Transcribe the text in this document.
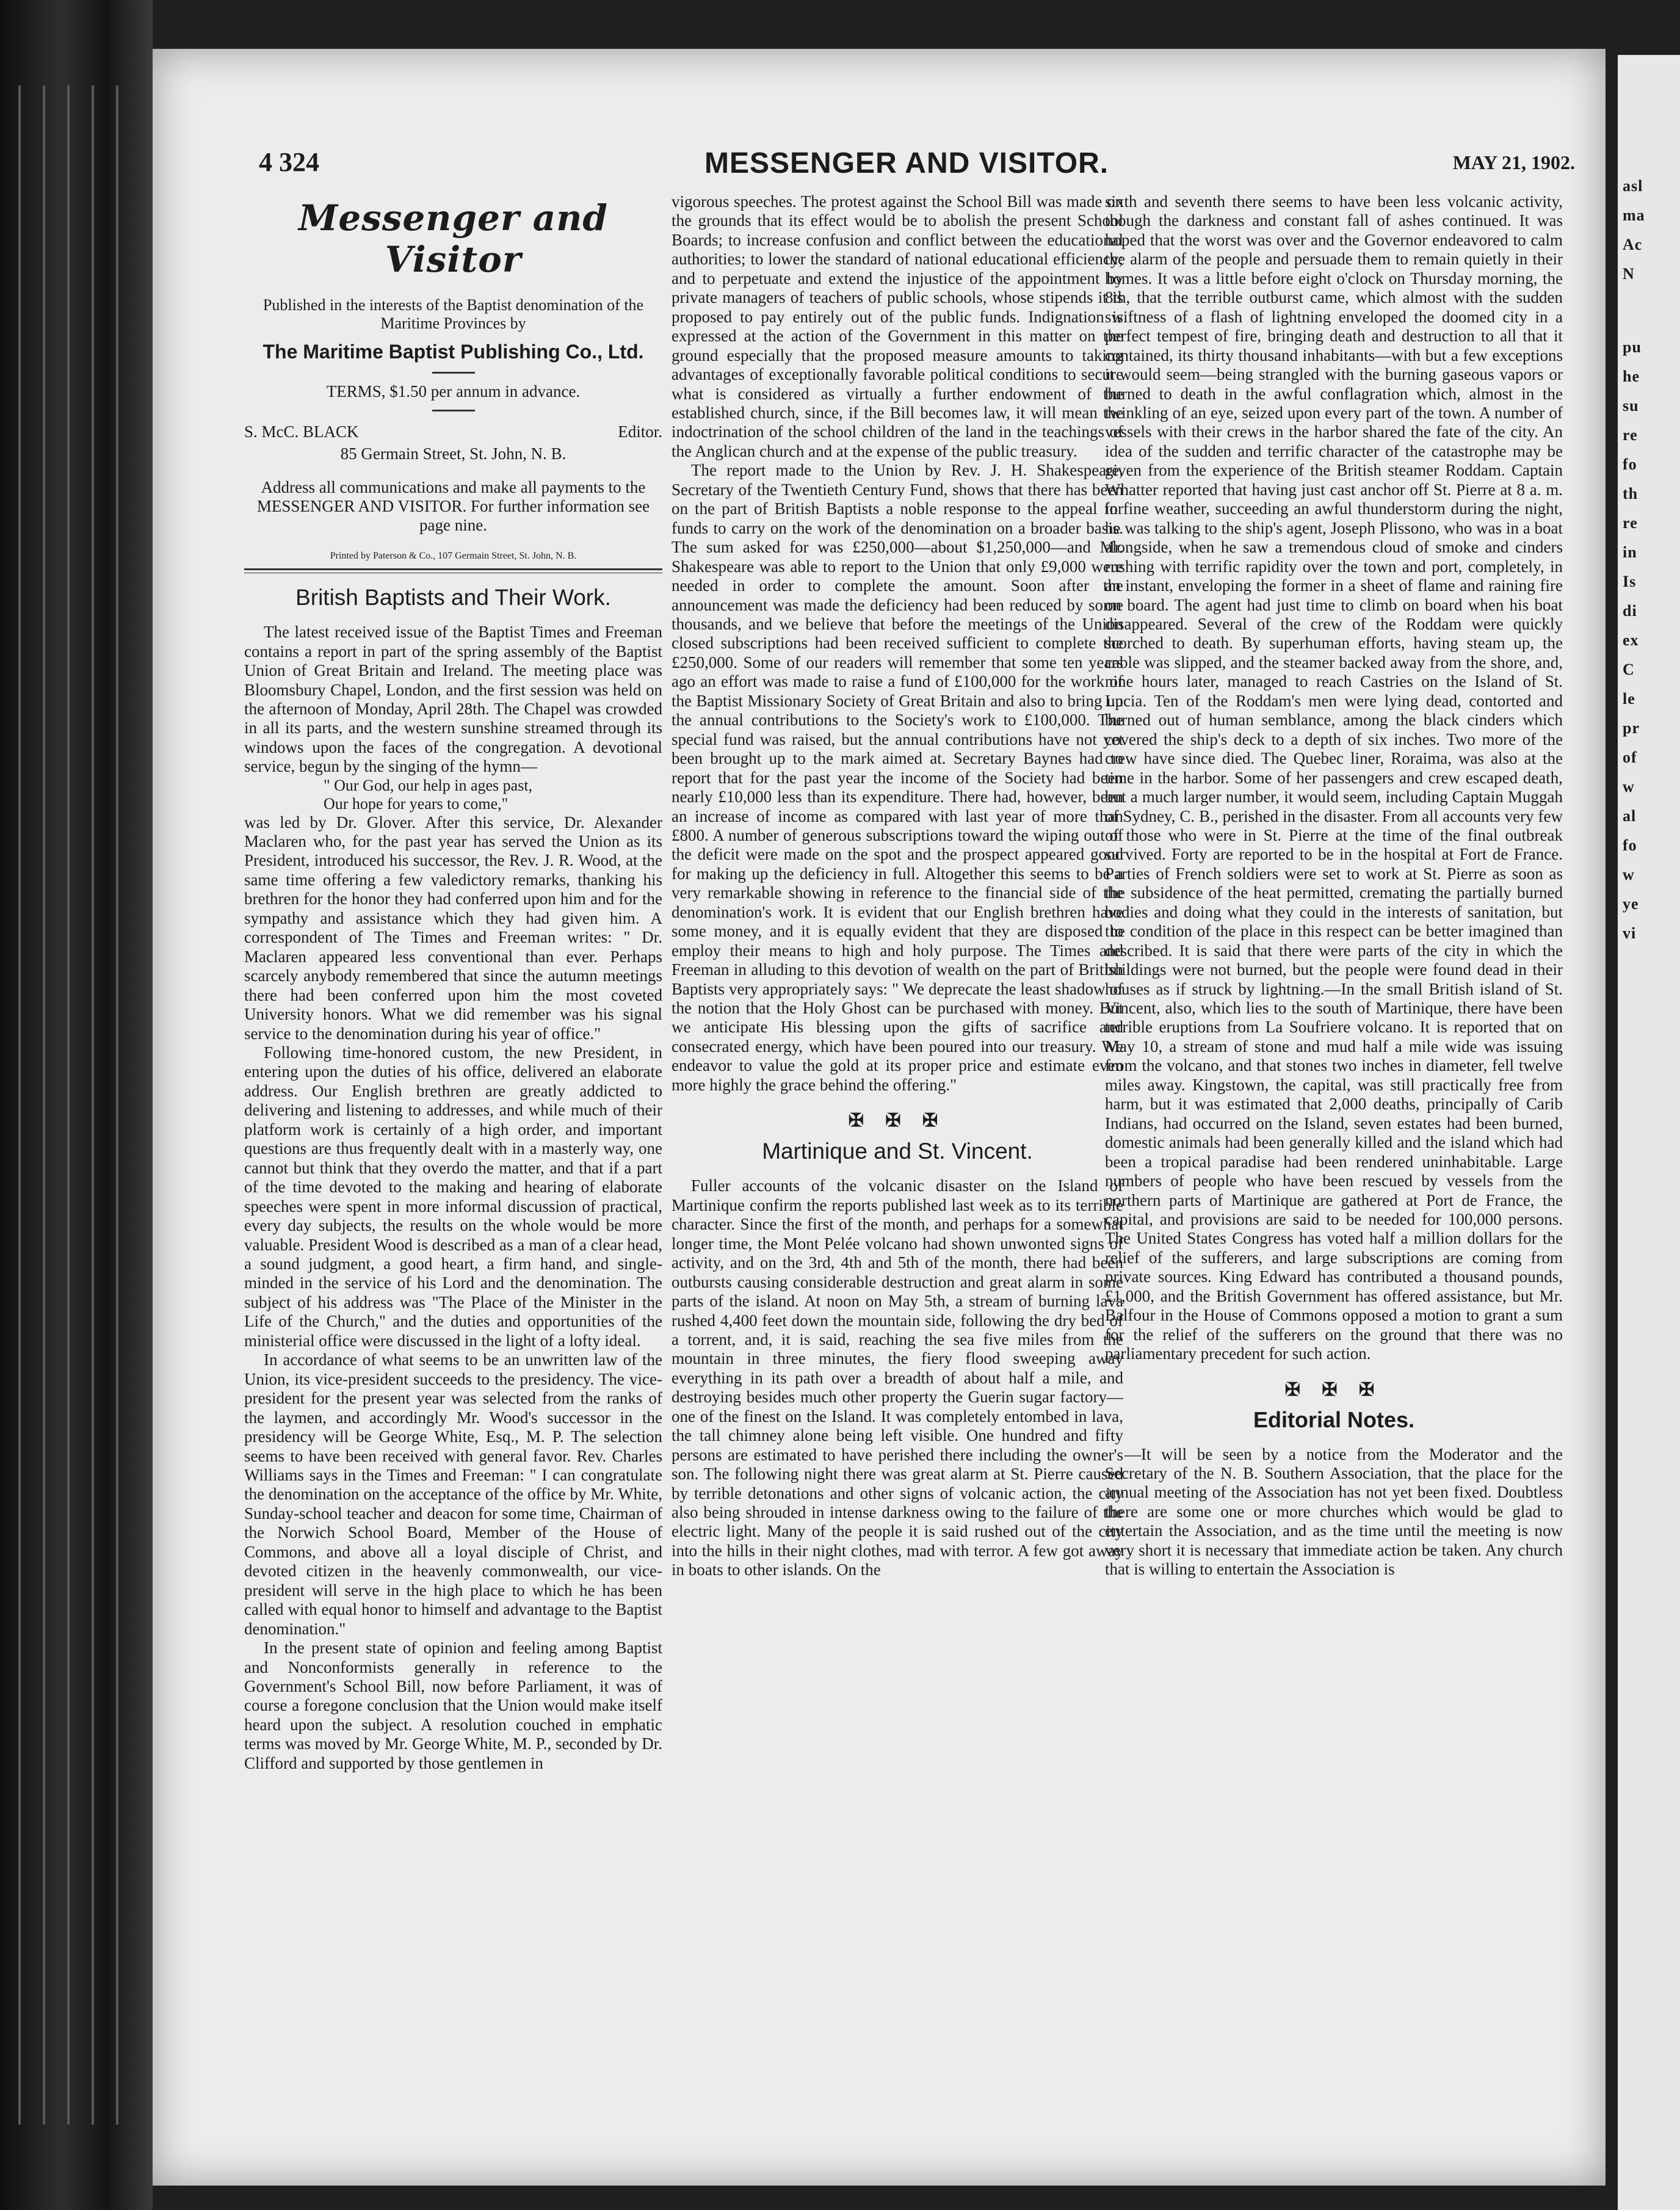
4 324	MESSENGER AND VISITOR.	MAY 21, 1902.
Messenger and Visitor
Published in the interests of the Baptist denomination of the Maritime Provinces by
The Maritime Baptist Publishing Co., Ltd.
TERMS, $1.50 per annum in advance.
S. McC. BLACK	Editor.
85 Germain Street, St. John, N. B.
Address all communications and make all payments to the MESSENGER AND VISITOR. For further information see page nine.
Printed by Paterson & Co., 107 Germain Street, St. John, N. B.
British Baptists and Their Work.

The latest received issue of the Baptist Times and Freeman contains a report in part of the spring assembly of the Baptist Union of Great Britain and Ireland. The meeting place was Bloomsbury Chapel, London, and the first session was held on the afternoon of Monday, April 28th. The Chapel was crowded in all its parts, and the western sunshine streamed through its windows upon the faces of the congregation. A devotional service, begun by the singing of the hymn—

" Our God, our help in ages past,
Our hope for years to come,"

was led by Dr. Glover. After this service, Dr. Alexander Maclaren who, for the past year has served the Union as its President, introduced his successor, the Rev. J. R. Wood, at the same time offering a few valedictory remarks, thanking his brethren for the honor they had conferred upon him and for the sympathy and assistance which they had given him. A correspondent of The Times and Freeman writes: " Dr. Maclaren appeared less conventional than ever. Perhaps scarcely anybody remembered that since the autumn meetings there had been conferred upon him the most coveted University honors. What we did remember was his signal service to the denomination during his year of office."

Following time-honored custom, the new President, in entering upon the duties of his office, delivered an elaborate address. Our English brethren are greatly addicted to delivering and listening to addresses, and while much of their platform work is certainly of a high order, and important questions are thus frequently dealt with in a masterly way, one cannot but think that they overdo the matter, and that if a part of the time devoted to the making and hearing of elaborate speeches were spent in more informal discussion of practical, every day subjects, the results on the whole would be more valuable. President Wood is described as a man of a clear head, a sound judgment, a good heart, a firm hand, and single-minded in the service of his Lord and the denomination. The subject of his address was "The Place of the Minister in the Life of the Church," and the duties and opportunities of the ministerial office were discussed in the light of a lofty ideal.

In accordance of what seems to be an unwritten law of the Union, its vice-president succeeds to the presidency. The vice-president for the present year was selected from the ranks of the laymen, and accordingly Mr. Wood's successor in the presidency will be George White, Esq., M. P. The selection seems to have been received with general favor. Rev. Charles Williams says in the Times and Freeman: " I can congratulate the denomination on the acceptance of the office by Mr. White, Sunday-school teacher and deacon for some time, Chairman of the Norwich School Board, Member of the House of Commons, and above all a loyal disciple of Christ, and devoted citizen in the heavenly commonwealth, our vice-president will serve in the high place to which he has been called with equal honor to himself and advantage to the Baptist denomination."

In the present state of opinion and feeling among Baptist and Nonconformists generally in reference to the Government's School Bill, now before Parliament, it was of course a foregone conclusion that the Union would make itself heard upon the subject. A resolution couched in emphatic terms was moved by Mr. George White, M. P., seconded by Dr. Clifford and supported by those gentlemen in

vigorous speeches. The protest against the School Bill was made on the grounds that its effect would be to abolish the present School Boards; to increase confusion and conflict between the educational authorities; to lower the standard of national educational efficiency; and to perpetuate and extend the injustice of the appointment by private managers of teachers of public schools, whose stipends it is proposed to pay entirely out of the public funds. Indignation is expressed at the action of the Government in this matter on the ground especially that the proposed measure amounts to taking advantages of exceptionally favorable political conditions to secure what is considered as virtually a further endowment of the established church, since, if the Bill becomes law, it will mean the indoctrination of the school children of the land in the teachings of the Anglican church and at the expense of the public treasury.

The report made to the Union by Rev. J. H. Shakespeare, Secretary of the Twentieth Century Fund, shows that there has been on the part of British Baptists a noble response to the appeal for funds to carry on the work of the denomination on a broader basis. The sum asked for was £250,000—about $1,250,000—and Mr. Shakespeare was able to report to the Union that only £9,000 were needed in order to complete the amount. Soon after the announcement was made the deficiency had been reduced by some thousands, and we believe that before the meetings of the Union closed subscriptions had been received sufficient to complete the £250,000. Some of our readers will remember that some ten years ago an effort was made to raise a fund of £100,000 for the work of the Baptist Missionary Society of Great Britain and also to bring up the annual contributions to the Society's work to £100,000. The special fund was raised, but the annual contributions have not yet been brought up to the mark aimed at. Secretary Baynes had to report that for the past year the income of the Society had been nearly £10,000 less than its expenditure. There had, however, been an increase of income as compared with last year of more than £800. A number of generous subscriptions toward the wiping out of the deficit were made on the spot and the prospect appeared good for making up the deficiency in full. Altogether this seems to be a very remarkable showing in reference to the financial side of the denomination's work. It is evident that our English brethren have some money, and it is equally evident that they are disposed to employ their means to high and holy purpose. The Times and Freeman in alluding to this devotion of wealth on the part of British Baptists very appropriately says: " We deprecate the least shadow of the notion that the Holy Ghost can be purchased with money. But we anticipate His blessing upon the gifts of sacrifice and consecrated energy, which have been poured into our treasury. We endeavor to value the gold at its proper price and estimate even more highly the grace behind the offering."

✠ ✠ ✠
Martinique and St. Vincent.

Fuller accounts of the volcanic disaster on the Island of Martinique confirm the reports published last week as to its terrible character. Since the first of the month, and perhaps for a somewhat longer time, the Mont Pelée volcano had shown unwonted signs of activity, and on the 3rd, 4th and 5th of the month, there had been outbursts causing considerable destruction and great alarm in some parts of the island. At noon on May 5th, a stream of burning lava rushed 4,400 feet down the mountain side, following the dry bed of a torrent, and, it is said, reaching the sea five miles from the mountain in three minutes, the fiery flood sweeping away everything in its path over a breadth of about half a mile, and destroying besides much other property the Guerin sugar factory—one of the finest on the Island. It was completely entombed in lava, the tall chimney alone being left visible. One hundred and fifty persons are estimated to have perished there including the owner's son. The following night there was great alarm at St. Pierre caused by terrible detonations and other signs of volcanic action, the city also being shrouded in intense darkness owing to the failure of the electric light. Many of the people it is said rushed out of the city into the hills in their night clothes, mad with terror. A few got away in boats to other islands. On the

sixth and seventh there seems to have been less volcanic activity, though the darkness and constant fall of ashes continued. It was hoped that the worst was over and the Governor endeavored to calm the alarm of the people and persuade them to remain quietly in their homes. It was a little before eight o'clock on Thursday morning, the 8th, that the terrible outburst came, which almost with the sudden swiftness of a flash of lightning enveloped the doomed city in a perfect tempest of fire, bringing death and destruction to all that it contained, its thirty thousand inhabitants—with but a few exceptions it would seem—being strangled with the burning gaseous vapors or burned to death in the awful conflagration which, almost in the twinkling of an eye, seized upon every part of the town. A number of vessels with their crews in the harbor shared the fate of the city. An idea of the sudden and terrific character of the catastrophe may be given from the experience of the British steamer Roddam. Captain Whatter reported that having just cast anchor off St. Pierre at 8 a. m. in fine weather, succeeding an awful thunderstorm during the night, he was talking to the ship's agent, Joseph Plissono, who was in a boat alongside, when he saw a tremendous cloud of smoke and cinders rushing with terrific rapidity over the town and port, completely, in an instant, enveloping the former in a sheet of flame and raining fire on board. The agent had just time to climb on board when his boat disappeared. Several of the crew of the Roddam were quickly scorched to death. By superhuman efforts, having steam up, the cable was slipped, and the steamer backed away from the shore, and, nine hours later, managed to reach Castries on the Island of St. Lucia. Ten of the Roddam's men were lying dead, contorted and burned out of human semblance, among the black cinders which covered the ship's deck to a depth of six inches. Two more of the crew have since died. The Quebec liner, Roraima, was also at the time in the harbor. Some of her passengers and crew escaped death, but a much larger number, it would seem, including Captain Muggah of Sydney, C. B., perished in the disaster. From all accounts very few of those who were in St. Pierre at the time of the final outbreak survived. Forty are reported to be in the hospital at Fort de France. Parties of French soldiers were set to work at St. Pierre as soon as the subsidence of the heat permitted, cremating the partially burned bodies and doing what they could in the interests of sanitation, but the condition of the place in this respect can be better imagined than described. It is said that there were parts of the city in which the buildings were not burned, but the people were found dead in their houses as if struck by lightning.—In the small British island of St. Vincent, also, which lies to the south of Martinique, there have been terrible eruptions from La Soufriere volcano. It is reported that on May 10, a stream of stone and mud half a mile wide was issuing from the volcano, and that stones two inches in diameter, fell twelve miles away. Kingstown, the capital, was still practically free from harm, but it was estimated that 2,000 deaths, principally of Carib Indians, had occurred on the Island, seven estates had been burned, domestic animals had been generally killed and the island which had been a tropical paradise had been rendered uninhabitable. Large numbers of people who have been rescued by vessels from the northern parts of Martinique are gathered at Port de France, the capital, and provisions are said to be needed for 100,000 persons. The United States Congress has voted half a million dollars for the relief of the sufferers, and large subscriptions are coming from private sources. King Edward has contributed a thousand pounds, £1,000, and the British Government has offered assistance, but Mr. Balfour in the House of Commons opposed a motion to grant a sum for the relief of the sufferers on the ground that there was no parliamentary precedent for such action.

✠ ✠ ✠
Editorial Notes.

—It will be seen by a notice from the Moderator and the Secretary of the N. B. Southern Association, that the place for the annual meeting of the Association has not yet been fixed. Doubtless there are some one or more churches which would be glad to entertain the Association, and as the time until the meeting is now very short it is necessary that immediate action be taken. Any church that is willing to entertain the Association is

asl
ma
Ac
N
pu
he
su
re
fo
th
re
in
Is
di
ex
C
le
pr
of
w
al
fo
w
ye
vi
